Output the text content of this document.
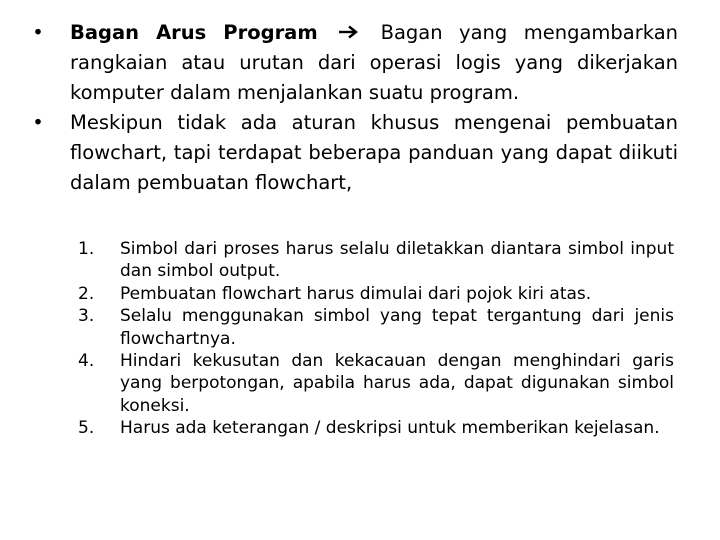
• Bagan Arus Program	Bagan yang mengambarkan rangkaian atau urutan dari operasi logis yang dikerjakan komputer dalam menjalankan suatu program.
• Meskipun tidak ada aturan khusus mengenai pembuatan flowchart, tapi terdapat beberapa panduan yang dapat diikuti dalam pembuatan flowchart,
1.	Simbol dari proses harus selalu diletakkan diantara simbol input dan simbol output.
2.	Pembuatan flowchart harus dimulai dari pojok kiri atas.
3.	Selalu menggunakan simbol yang tepat tergantung dari jenis flowchartnya.
4.	Hindari kekusutan dan kekacauan dengan menghindari garis yang berpotongan, apabila harus ada, dapat digunakan simbol koneksi.
5.	Harus ada keterangan / deskripsi untuk memberikan kejelasan.
